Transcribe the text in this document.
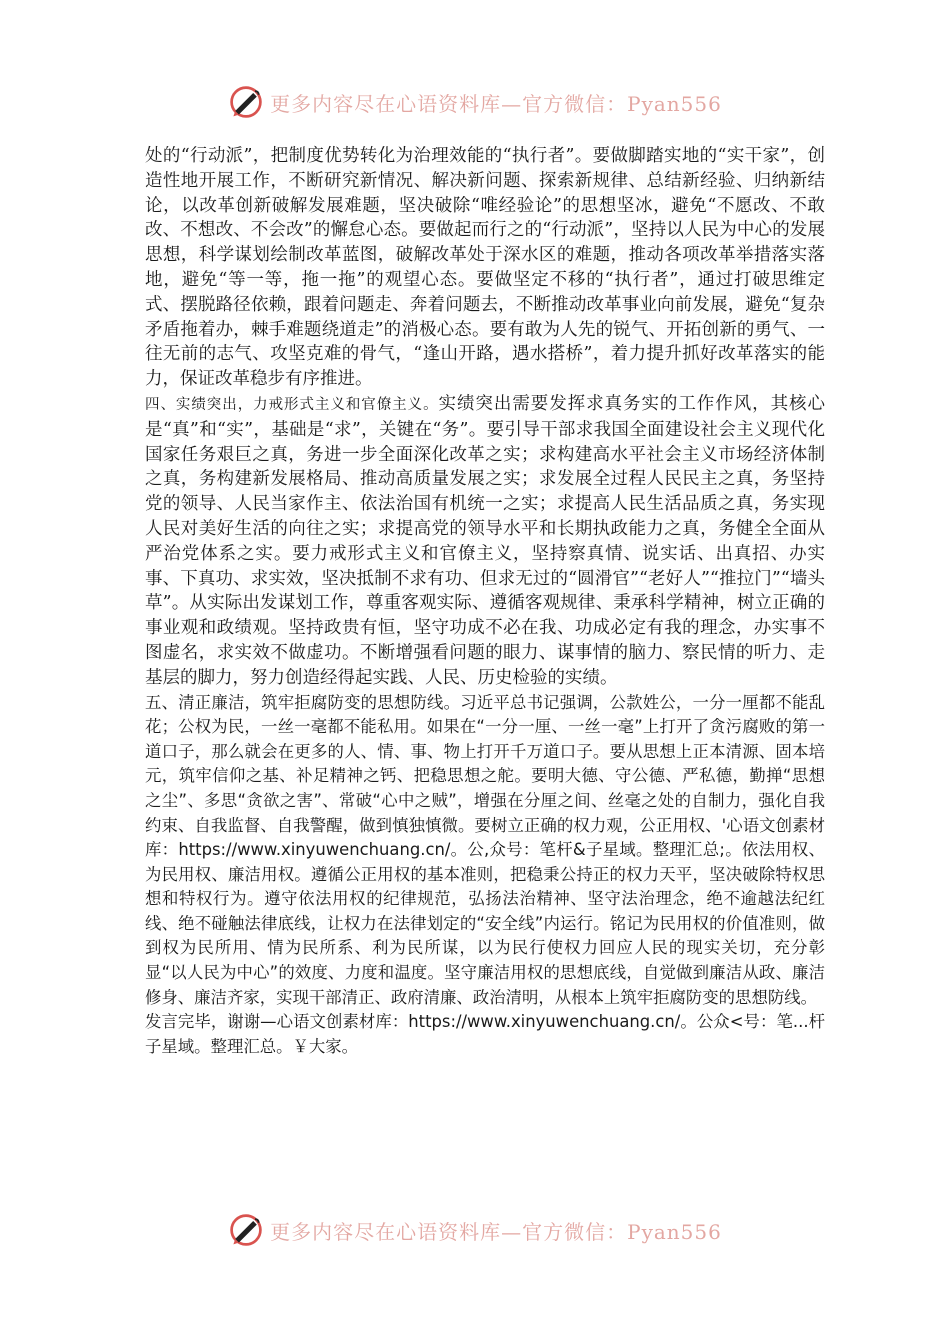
更多内容尽在心语资料库—官方微信：Pyan556

处的“行动派”，把制度优势转化为治理效能的“执行者”。要做脚踏实地的“实干家”，创造性地开展工作，不断研究新情况、解决新问题、探索新规律、总结新经验、归纳新结论，以改革创新破解发展难题，坚决破除“唯经验论”的思想坚冰，避免“不愿改、不敢改、不想改、不会改”的懈怠心态。要做起而行之的“行动派”，坚持以人民为中心的发展思想，科学谋划绘制改革蓝图，破解改革处于深水区的难题，推动各项改革举措落实落地，避免“等一等，拖一拖”的观望心态。要做坚定不移的“执行者”，通过打破思维定式、摆脱路径依赖，跟着问题走、奔着问题去，不断推动改革事业向前发展，避免“复杂矛盾拖着办，棘手难题绕道走”的消极心态。要有敢为人先的锐气、开拓创新的勇气、一往无前的志气、攻坚克难的骨气，“逢山开路，遇水搭桥”，着力提升抓好改革落实的能力，保证改革稳步有序推进。

四、实绩突出，力戒形式主义和官僚主义。实绩突出需要发挥求真务实的工作作风，其核心是“真”和“实”，基础是“求”，关键在“务”。要引导干部求我国全面建设社会主义现代化国家任务艰巨之真，务进一步全面深化改革之实；求构建高水平社会主义市场经济体制之真，务构建新发展格局、推动高质量发展之实；求发展全过程人民民主之真，务坚持党的领导、人民当家作主、依法治国有机统一之实；求提高人民生活品质之真，务实现人民对美好生活的向往之实；求提高党的领导水平和长期执政能力之真，务健全全面从严治党体系之实。要力戒形式主义和官僚主义，坚持察真情、说实话、出真招、办实事、下真功、求实效，坚决抵制不求有功、但求无过的“圆滑官”“老好人”“推拉门”“墙头草”。从实际出发谋划工作，尊重客观实际、遵循客观规律、秉承科学精神，树立正确的事业观和政绩观。坚持政贵有恒，坚守功成不必在我、功成必定有我的理念，办实事不图虚名，求实效不做虚功。不断增强看问题的眼力、谋事情的脑力、察民情的听力、走基层的脚力，努力创造经得起实践、人民、历史检验的实绩。

五、清正廉洁，筑牢拒腐防变的思想防线。习近平总书记强调，公款姓公，一分一厘都不能乱花；公权为民，一丝一毫都不能私用。如果在“一分一厘、一丝一毫”上打开了贪污腐败的第一道口子，那么就会在更多的人、情、事、物上打开千万道口子。要从思想上正本清源、固本培元，筑牢信仰之基、补足精神之钙、把稳思想之舵。要明大德、守公德、严私德，勤掸“思想之尘”、多思“贪欲之害”、常破“心中之贼”，增强在分厘之间、丝毫之处的自制力，强化自我约束、自我监督、自我警醒，做到慎独慎微。要树立正确的权力观，公正用权、'心语文创素材库：https://www.xinyuwenchuang.cn/。公,众号：笔杆&子星域。整理汇总;。依法用权、为民用权、廉洁用权。遵循公正用权的基本准则，把稳秉公持正的权力天平，坚决破除特权思想和特权行为。遵守依法用权的纪律规范，弘扬法治精神、坚守法治理念，绝不逾越法纪红线、绝不碰触法律底线，让权力在法律划定的“安全线”内运行。铭记为民用权的价值准则，做到权为民所用、情为民所系、利为民所谋，以为民行使权力回应人民的现实关切，充分彰显“以人民为中心”的效度、力度和温度。坚守廉洁用权的思想底线，自觉做到廉洁从政、廉洁修身、廉洁齐家，实现干部清正、政府清廉、政治清明，从根本上筑牢拒腐防变的思想防线。

发言完毕，谢谢—心语文创素材库：https://www.xinyuwenchuang.cn/。公众<号：笔...杆子星域。整理汇总。￥大家。

更多内容尽在心语资料库—官方微信：Pyan556
